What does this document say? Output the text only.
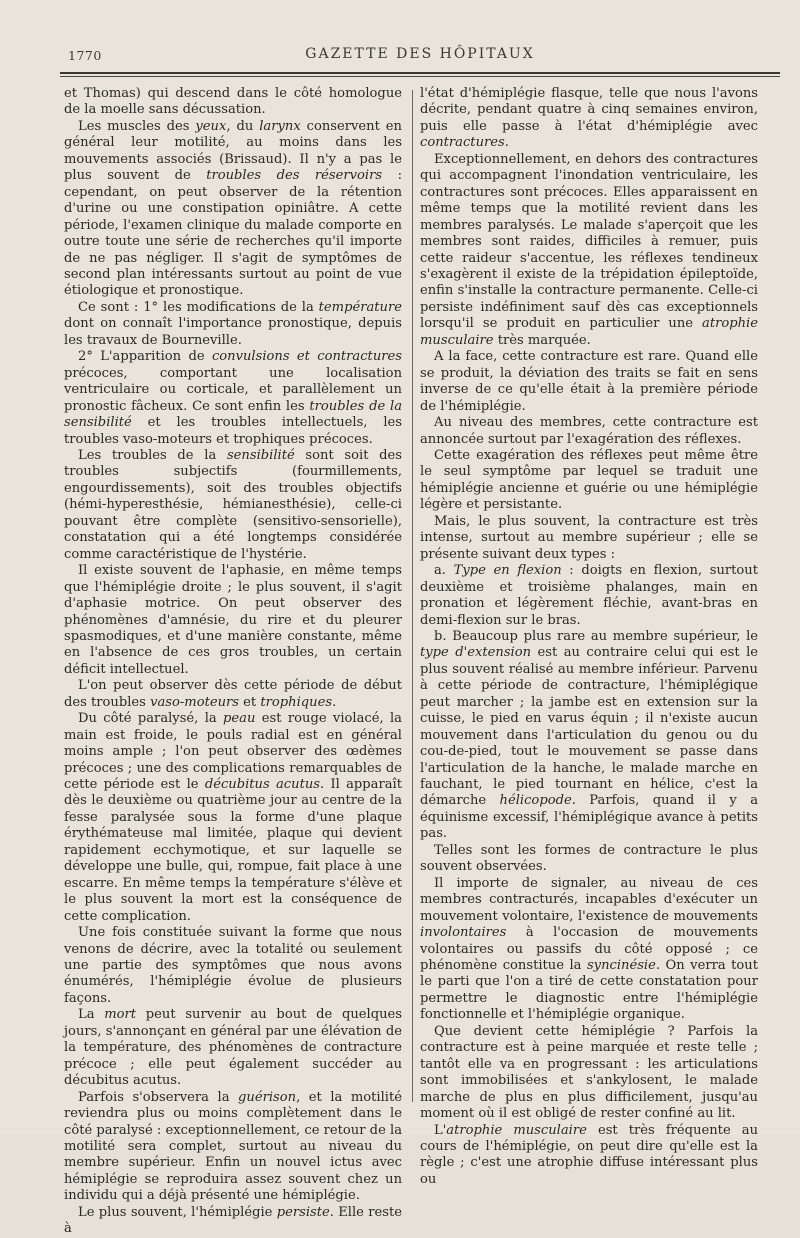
1770	GAZETTE DES HÔPITAUX

et Thomas) qui descend dans le côté homologue de la moelle sans décussation.

Les muscles des yeux, du larynx conservent en général leur motilité, au moins dans les mouvements associés (Brissaud). Il n'y a pas le plus souvent de troubles des réservoirs : cependant, on peut observer de la rétention d'urine ou une constipation opiniâtre. A cette période, l'examen clinique du malade comporte en outre toute une série de recherches qu'il importe de ne pas négliger. Il s'agit de symptômes de second plan intéressants surtout au point de vue étiologique et pronostique.

Ce sont : 1° les modifications de la température dont on connaît l'importance pronostique, depuis les travaux de Bourneville.

2° L'apparition de convulsions et contractures précoces, comportant une localisation ventriculaire ou corticale, et parallèlement un pronostic fâcheux. Ce sont enfin les troubles de la sensibilité et les troubles intellectuels, les troubles vaso-moteurs et trophiques précoces.

Les troubles de la sensibilité sont soit des troubles subjectifs (fourmillements, engourdissements), soit des troubles objectifs (hémi-hyperesthésie, hémianesthésie), celle-ci pouvant être complète (sensitivo-sensorielle), constatation qui a été longtemps considérée comme caractéristique de l'hystérie.

Il existe souvent de l'aphasie, en même temps que l'hémiplégie droite ; le plus souvent, il s'agit d'aphasie motrice. On peut observer des phénomènes d'amnésie, du rire et du pleurer spasmodiques, et d'une manière constante, même en l'absence de ces gros troubles, un certain déficit intellectuel.

L'on peut observer dès cette période de début des troubles vaso-moteurs et trophiques.

Du côté paralysé, la peau est rouge violacé, la main est froide, le pouls radial est en général moins ample ; l'on peut observer des œdèmes précoces ; une des complications remarquables de cette période est le décubitus acutus. Il apparaît dès le deuxième ou quatrième jour au centre de la fesse paralysée sous la forme d'une plaque érythémateuse mal limitée, plaque qui devient rapidement ecchymotique, et sur laquelle se développe une bulle, qui, rompue, fait place à une escarre. En même temps la température s'élève et le plus souvent la mort est la conséquence de cette complication.

Une fois constituée suivant la forme que nous venons de décrire, avec la totalité ou seulement une partie des symptômes que nous avons énumérés, l'hémiplégie évolue de plusieurs façons.

La mort peut survenir au bout de quelques jours, s'annonçant en général par une élévation de la température, des phénomènes de contracture précoce ; elle peut également succéder au décubitus acutus.

Parfois s'observera la guérison, et la motilité reviendra plus ou moins complètement dans le côté paralysé : exceptionnellement, ce retour de la motilité sera complet, surtout au niveau du membre supérieur. Enfin un nouvel ictus avec hémiplégie se reproduira assez souvent chez un individu qui a déjà présenté une hémiplégie.

Le plus souvent, l'hémiplégie persiste. Elle reste à

l'état d'hémiplégie flasque, telle que nous l'avons décrite, pendant quatre à cinq semaines environ, puis elle passe à l'état d'hémiplégie avec contractures.

Exceptionnellement, en dehors des contractures qui accompagnent l'inondation ventriculaire, les contractures sont précoces. Elles apparaissent en même temps que la motilité revient dans les membres paralysés. Le malade s'aperçoit que les membres sont raides, difficiles à remuer, puis cette raideur s'accentue, les réflexes tendineux s'exagèrent il existe de la trépidation épileptoïde, enfin s'installe la contracture permanente. Celle-ci persiste indéfiniment sauf dès cas exceptionnels lorsqu'il se produit en particulier une atrophie musculaire très marquée.

A la face, cette contracture est rare. Quand elle se produit, la déviation des traits se fait en sens inverse de ce qu'elle était à la première période de l'hémiplégie.

Au niveau des membres, cette contracture est annoncée surtout par l'exagération des réflexes.

Cette exagération des réflexes peut même être le seul symptôme par lequel se traduit une hémiplégie ancienne et guérie ou une hémiplégie légère et persistante.

Mais, le plus souvent, la contracture est très intense, surtout au membre supérieur ; elle se présente suivant deux types :

a. Type en flexion : doigts en flexion, surtout deuxième et troisième phalanges, main en pronation et légèrement fléchie, avant-bras en demi-flexion sur le bras.

b. Beaucoup plus rare au membre supérieur, le type d'extension est au contraire celui qui est le plus souvent réalisé au membre inférieur. Parvenu à cette période de contracture, l'hémiplégique peut marcher ; la jambe est en extension sur la cuisse, le pied en varus équin ; il n'existe aucun mouvement dans l'articulation du genou ou du cou-de-pied, tout le mouvement se passe dans l'articulation de la hanche, le malade marche en fauchant, le pied tournant en hélice, c'est la démarche hélicopode. Parfois, quand il y a équinisme excessif, l'hémiplégique avance à petits pas.

Telles sont les formes de contracture le plus souvent observées.

Il importe de signaler, au niveau de ces membres contracturés, incapables d'exécuter un mouvement volontaire, l'existence de mouvements involontaires à l'occasion de mouvements volontaires ou passifs du côté opposé ; ce phénomène constitue la syncinésie. On verra tout le parti que l'on a tiré de cette constatation pour permettre le diagnostic entre l'hémiplégie fonctionnelle et l'hémiplégie organique.

Que devient cette hémiplégie ? Parfois la contracture est à peine marquée et reste telle ; tantôt elle va en progressant : les articulations sont immobilisées et s'ankylosent, le malade marche de plus en plus difficilement, jusqu'au moment où il est obligé de rester confiné au lit.

L'atrophie musculaire est très fréquente au cours de l'hémiplégie, on peut dire qu'elle est la règle ; c'est une atrophie diffuse intéressant plus ou
